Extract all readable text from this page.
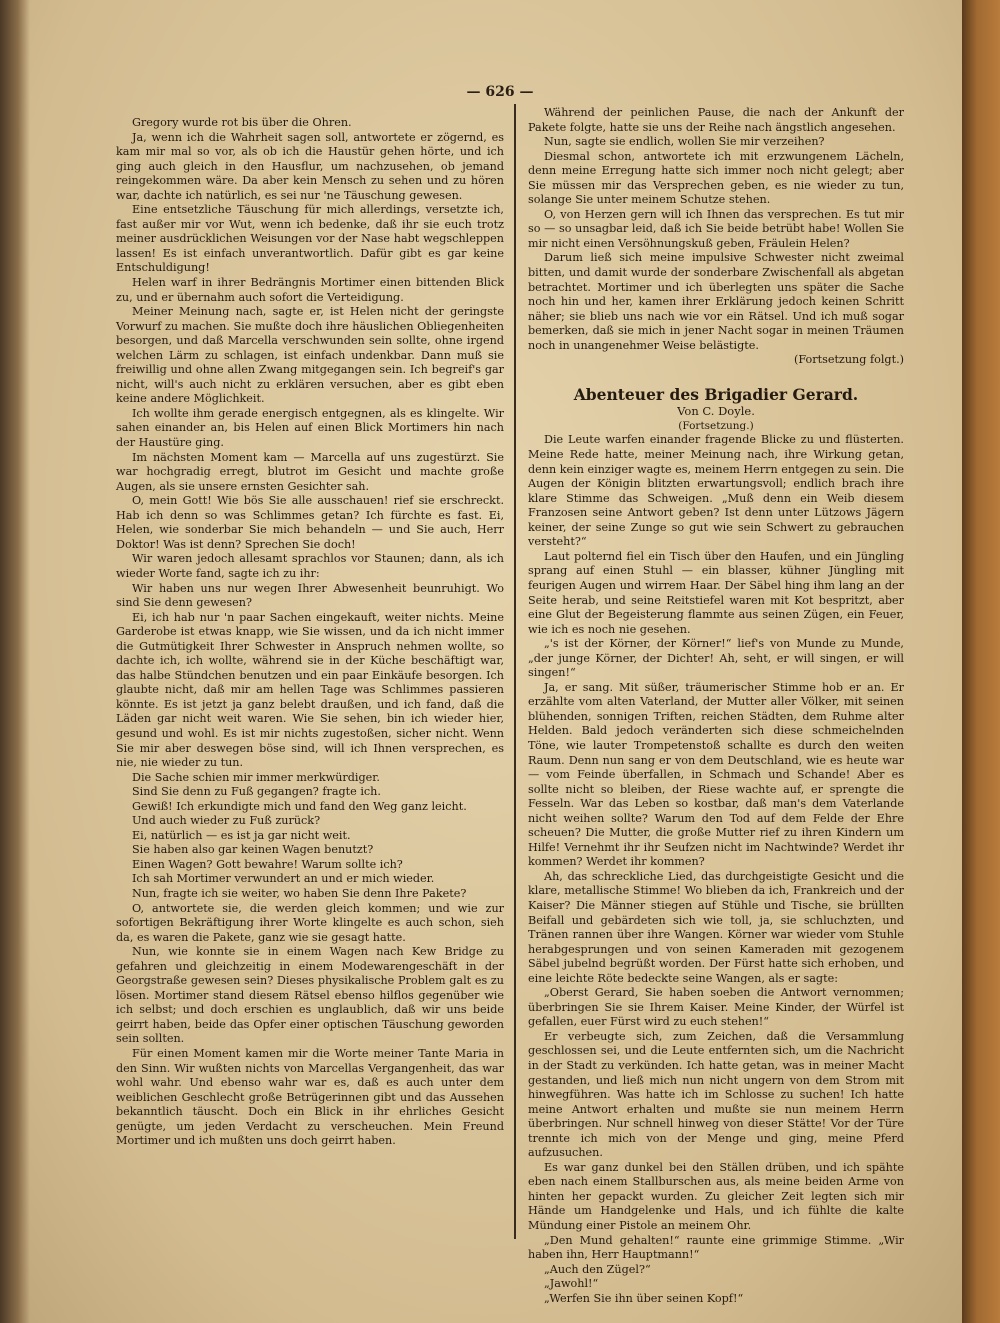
— 626 —

Gregory wurde rot bis über die Ohren.

Ja, wenn ich die Wahrheit sagen soll, antwortete er zögernd, es kam mir mal so vor, als ob ich die Haustür gehen hörte, und ich ging auch gleich in den Hausflur, um nachzusehen, ob jemand reingekommen wäre. Da aber kein Mensch zu sehen und zu hören war, dachte ich natürlich, es sei nur 'ne Täuschung gewesen.

Eine entsetzliche Täuschung für mich allerdings, versetzte ich, fast außer mir vor Wut, wenn ich bedenke, daß ihr sie euch trotz meiner ausdrücklichen Weisungen vor der Nase habt wegschleppen lassen! Es ist einfach unverantwortlich. Dafür gibt es gar keine Entschuldigung!

Helen warf in ihrer Bedrängnis Mortimer einen bittenden Blick zu, und er übernahm auch sofort die Verteidigung.

Meiner Meinung nach, sagte er, ist Helen nicht der geringste Vorwurf zu machen. Sie mußte doch ihre häuslichen Obliegenheiten besorgen, und daß Marcella verschwunden sein sollte, ohne irgend welchen Lärm zu schlagen, ist einfach undenkbar. Dann muß sie freiwillig und ohne allen Zwang mitgegangen sein. Ich begreif's gar nicht, will's auch nicht zu erklären versuchen, aber es gibt eben keine andere Möglichkeit.

Ich wollte ihm gerade energisch entgegnen, als es klingelte. Wir sahen einander an, bis Helen auf einen Blick Mortimers hin nach der Haustüre ging.

Im nächsten Moment kam — Marcella auf uns zugestürzt. Sie war hochgradig erregt, blutrot im Gesicht und machte große Augen, als sie unsere ernsten Gesichter sah.

O, mein Gott! Wie bös Sie alle ausschauen! rief sie erschreckt. Hab ich denn so was Schlimmes getan? Ich fürchte es fast. Ei, Helen, wie sonderbar Sie mich behandeln — und Sie auch, Herr Doktor! Was ist denn? Sprechen Sie doch!

Wir waren jedoch allesamt sprachlos vor Staunen; dann, als ich wieder Worte fand, sagte ich zu ihr:

Wir haben uns nur wegen Ihrer Abwesenheit beunruhigt. Wo sind Sie denn gewesen?

Ei, ich hab nur 'n paar Sachen eingekauft, weiter nichts. Meine Garderobe ist etwas knapp, wie Sie wissen, und da ich nicht immer die Gutmütigkeit Ihrer Schwester in Anspruch nehmen wollte, so dachte ich, ich wollte, während sie in der Küche beschäftigt war, das halbe Stündchen benutzen und ein paar Einkäufe besorgen. Ich glaubte nicht, daß mir am hellen Tage was Schlimmes passieren könnte. Es ist jetzt ja ganz belebt draußen, und ich fand, daß die Läden gar nicht weit waren. Wie Sie sehen, bin ich wieder hier, gesund und wohl. Es ist mir nichts zugestoßen, sicher nicht. Wenn Sie mir aber deswegen böse sind, will ich Ihnen versprechen, es nie, nie wieder zu tun.

Die Sache schien mir immer merkwürdiger.

Sind Sie denn zu Fuß gegangen? fragte ich.

Gewiß! Ich erkundigte mich und fand den Weg ganz leicht.

Und auch wieder zu Fuß zurück?

Ei, natürlich — es ist ja gar nicht weit.

Sie haben also gar keinen Wagen benutzt?

Einen Wagen? Gott bewahre! Warum sollte ich?

Ich sah Mortimer verwundert an und er mich wieder.

Nun, fragte ich sie weiter, wo haben Sie denn Ihre Pakete?

O, antwortete sie, die werden gleich kommen; und wie zur sofortigen Bekräftigung ihrer Worte klingelte es auch schon, sieh da, es waren die Pakete, ganz wie sie gesagt hatte.

Nun, wie konnte sie in einem Wagen nach Kew Bridge zu gefahren und gleichzeitig in einem Modewarengeschäft in der Georgstraße gewesen sein? Dieses physikalische Problem galt es zu lösen. Mortimer stand diesem Rätsel ebenso hilflos gegenüber wie ich selbst; und doch erschien es unglaublich, daß wir uns beide geirrt haben, beide das Opfer einer optischen Täuschung geworden sein sollten.

Für einen Moment kamen mir die Worte meiner Tante Maria in den Sinn. Wir wußten nichts von Marcellas Vergangenheit, das war wohl wahr. Und ebenso wahr war es, daß es auch unter dem weiblichen Geschlecht große Betrügerinnen gibt und das Aussehen bekanntlich täuscht. Doch ein Blick in ihr ehrliches Gesicht genügte, um jeden Verdacht zu verscheuchen. Mein Freund Mortimer und ich mußten uns doch geirrt haben.

Während der peinlichen Pause, die nach der Ankunft der Pakete folgte, hatte sie uns der Reihe nach ängstlich angesehen.

Nun, sagte sie endlich, wollen Sie mir verzeihen?

Diesmal schon, antwortete ich mit erzwungenem Lächeln, denn meine Erregung hatte sich immer noch nicht gelegt; aber Sie müssen mir das Versprechen geben, es nie wieder zu tun, solange Sie unter meinem Schutze stehen.

O, von Herzen gern will ich Ihnen das versprechen. Es tut mir so — so unsagbar leid, daß ich Sie beide betrübt habe! Wollen Sie mir nicht einen Versöhnungskuß geben, Fräulein Helen?

Darum ließ sich meine impulsive Schwester nicht zweimal bitten, und damit wurde der sonderbare Zwischenfall als abgetan betrachtet. Mortimer und ich überlegten uns später die Sache noch hin und her, kamen ihrer Erklärung jedoch keinen Schritt näher; sie blieb uns nach wie vor ein Rätsel. Und ich muß sogar bemerken, daß sie mich in jener Nacht sogar in meinen Träumen noch in unangenehmer Weise belästigte.

(Fortsetzung folgt.)

Abenteuer des Brigadier Gerard.

Von C. Doyle.

(Fortsetzung.)

Die Leute warfen einander fragende Blicke zu und flüsterten. Meine Rede hatte, meiner Meinung nach, ihre Wirkung getan, denn kein einziger wagte es, meinem Herrn entgegen zu sein. Die Augen der Königin blitzten erwartungsvoll; endlich brach ihre klare Stimme das Schweigen. „Muß denn ein Weib diesem Franzosen seine Antwort geben? Ist denn unter Lützows Jägern keiner, der seine Zunge so gut wie sein Schwert zu gebrauchen versteht?“

Laut polternd fiel ein Tisch über den Haufen, und ein Jüngling sprang auf einen Stuhl — ein blasser, kühner Jüngling mit feurigen Augen und wirrem Haar. Der Säbel hing ihm lang an der Seite herab, und seine Reitstiefel waren mit Kot bespritzt, aber eine Glut der Begeisterung flammte aus seinen Zügen, ein Feuer, wie ich es noch nie gesehen.

„'s ist der Körner, der Körner!“ lief's von Munde zu Munde, „der junge Körner, der Dichter! Ah, seht, er will singen, er will singen!“

Ja, er sang. Mit süßer, träumerischer Stimme hob er an. Er erzählte vom alten Vaterland, der Mutter aller Völker, mit seinen blühenden, sonnigen Triften, reichen Städten, dem Ruhme alter Helden. Bald jedoch veränderten sich diese schmeichelnden Töne, wie lauter Trompetenstoß schallte es durch den weiten Raum. Denn nun sang er von dem Deutschland, wie es heute war — vom Feinde überfallen, in Schmach und Schande! Aber es sollte nicht so bleiben, der Riese wachte auf, er sprengte die Fesseln. War das Leben so kostbar, daß man's dem Vaterlande nicht weihen sollte? Warum den Tod auf dem Felde der Ehre scheuen? Die Mutter, die große Mutter rief zu ihren Kindern um Hilfe! Vernehmt ihr ihr Seufzen nicht im Nachtwinde? Werdet ihr kommen? Werdet ihr kommen?

Ah, das schreckliche Lied, das durchgeistigte Gesicht und die klare, metallische Stimme! Wo blieben da ich, Frankreich und der Kaiser? Die Männer stiegen auf Stühle und Tische, sie brüllten Beifall und gebärdeten sich wie toll, ja, sie schluchzten, und Tränen rannen über ihre Wangen. Körner war wieder vom Stuhle herabgesprungen und von seinen Kameraden mit gezogenem Säbel jubelnd begrüßt worden. Der Fürst hatte sich erhoben, und eine leichte Röte bedeckte seine Wangen, als er sagte:

„Oberst Gerard, Sie haben soeben die Antwort vernommen; überbringen Sie sie Ihrem Kaiser. Meine Kinder, der Würfel ist gefallen, euer Fürst wird zu euch stehen!“

Er verbeugte sich, zum Zeichen, daß die Versammlung geschlossen sei, und die Leute entfernten sich, um die Nachricht in der Stadt zu verkünden. Ich hatte getan, was in meiner Macht gestanden, und ließ mich nun nicht ungern von dem Strom mit hinwegführen. Was hatte ich im Schlosse zu suchen! Ich hatte meine Antwort erhalten und mußte sie nun meinem Herrn überbringen. Nur schnell hinweg von dieser Stätte! Vor der Türe trennte ich mich von der Menge und ging, meine Pferd aufzusuchen.

Es war ganz dunkel bei den Ställen drüben, und ich spähte eben nach einem Stallburschen aus, als meine beiden Arme von hinten her gepackt wurden. Zu gleicher Zeit legten sich mir Hände um Handgelenke und Hals, und ich fühlte die kalte Mündung einer Pistole an meinem Ohr.

„Den Mund gehalten!“ raunte eine grimmige Stimme. „Wir haben ihn, Herr Hauptmann!“

„Auch den Zügel?“

„Jawohl!“

„Werfen Sie ihn über seinen Kopf!“
